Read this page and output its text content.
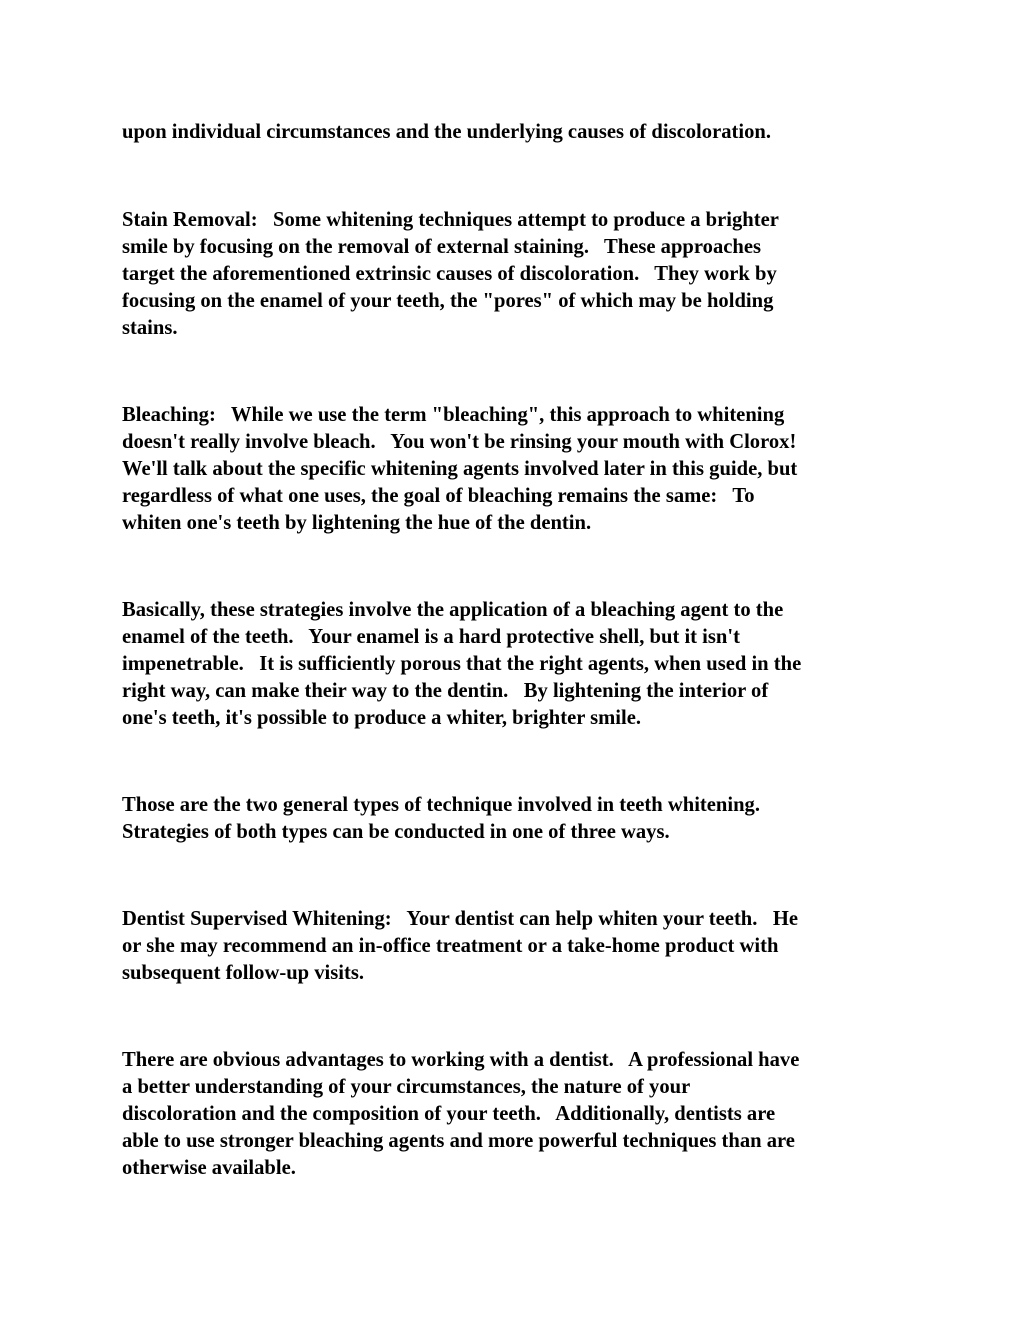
upon individual circumstances and the underlying causes of discoloration.

Stain Removal:   Some whitening techniques attempt to produce a brighter
smile by focusing on the removal of external staining.   These approaches
target the aforementioned extrinsic causes of discoloration.   They work by
focusing on the enamel of your teeth, the "pores" of which may be holding
stains.

Bleaching:   While we use the term "bleaching", this approach to whitening
doesn't really involve bleach.   You won't be rinsing your mouth with Clorox!
We'll talk about the specific whitening agents involved later in this guide, but
regardless of what one uses, the goal of bleaching remains the same:   To
whiten one's teeth by lightening the hue of the dentin.

Basically, these strategies involve the application of a bleaching agent to the
enamel of the teeth.   Your enamel is a hard protective shell, but it isn't
impenetrable.   It is sufficiently porous that the right agents, when used in the
right way, can make their way to the dentin.   By lightening the interior of
one's teeth, it's possible to produce a whiter, brighter smile.

Those are the two general types of technique involved in teeth whitening.
Strategies of both types can be conducted in one of three ways.

Dentist Supervised Whitening:   Your dentist can help whiten your teeth.   He
or she may recommend an in-office treatment or a take-home product with
subsequent follow-up visits.

There are obvious advantages to working with a dentist.   A professional have
a better understanding of your circumstances, the nature of your
discoloration and the composition of your teeth.   Additionally, dentists are
able to use stronger bleaching agents and more powerful techniques than are
otherwise available.
